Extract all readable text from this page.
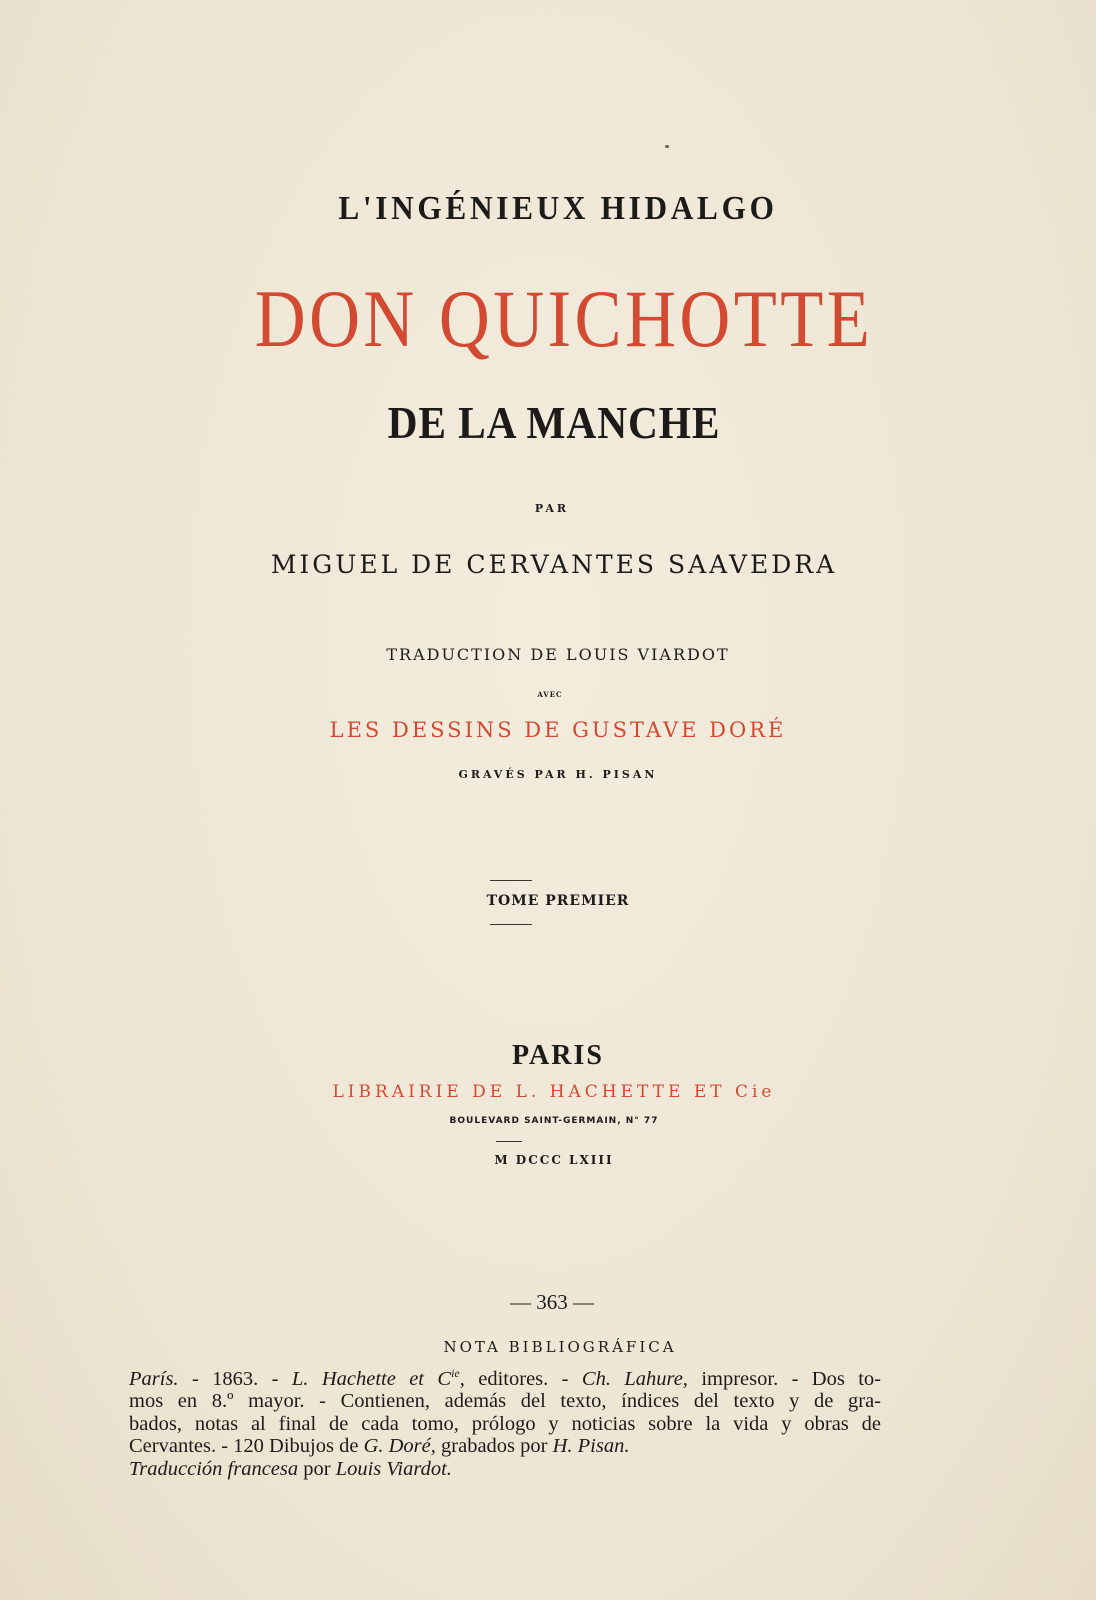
L'INGÉNIEUX HIDALGO
DON QUICHOTTE
DE LA MANCHE
PAR
MIGUEL DE CERVANTES SAAVEDRA
TRADUCTION DE LOUIS VIARDOT
AVEC
LES DESSINS DE GUSTAVE DORÉ
GRAVÉS PAR H. PISAN
TOME PREMIER
PARIS
LIBRAIRIE DE L. HACHETTE ET Cie
BOULEVARD SAINT-GERMAIN, N° 77
M DCCC LXIII
— 363 —
NOTA BIBLIOGRÁFICA
París. - 1863. - L. Hachette et $C^{ie}$, editores. - Ch. Lahure, impresor. - Dos to-
mos en 8.º mayor. - Contienen, además del texto, índices del texto y de gra-
bados, notas al final de cada tomo, prólogo y noticias sobre la vida y obras de
Cervantes. - 120 Dibujos de G. Doré, grabados por H. Pisan.
Traducción francesa por Louis Viardot.
